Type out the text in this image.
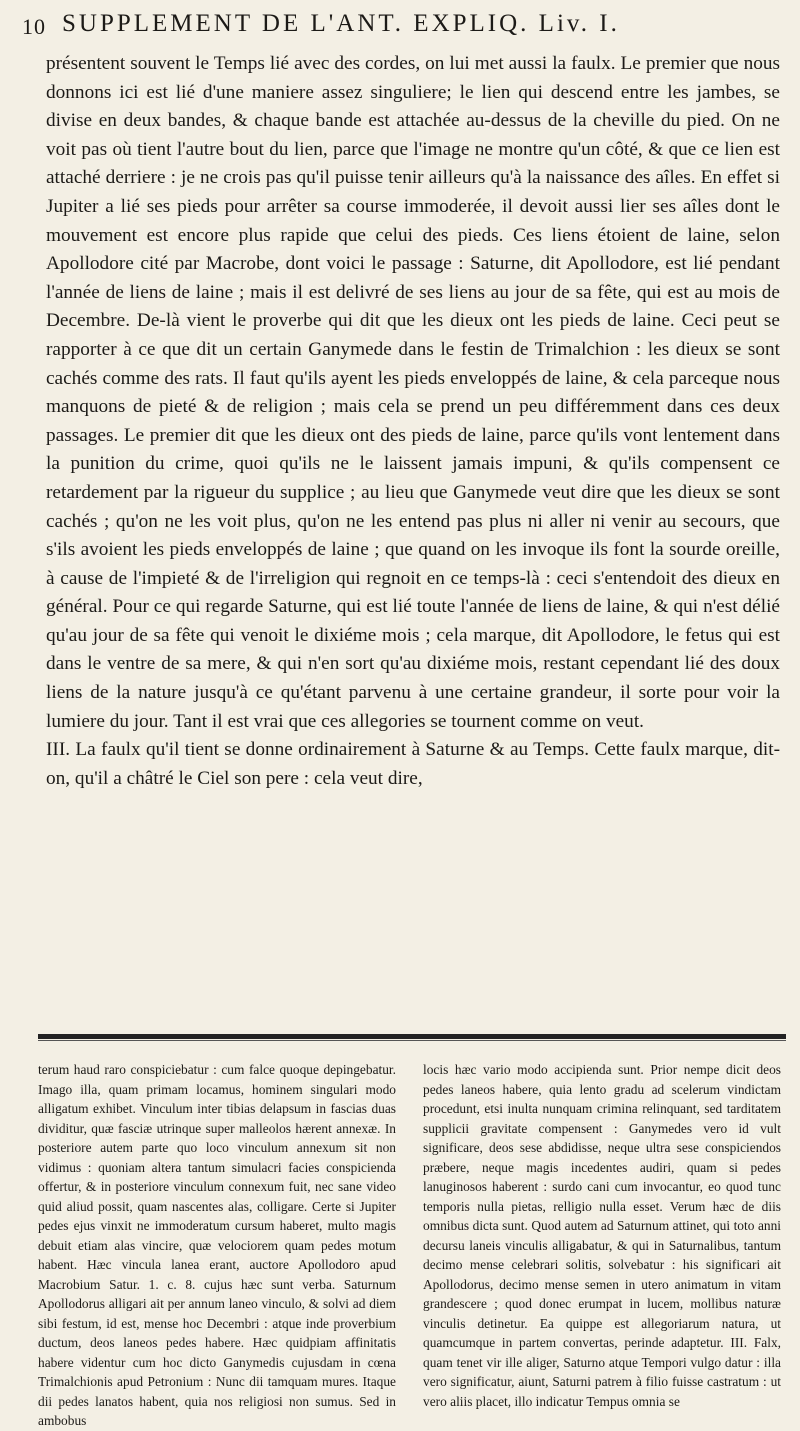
10 SUPPLEMENT DE L'ANT. EXPLIQ. Liv. I.

présentent souvent le Temps lié avec des cordes, on lui met aussi la faulx. Le premier que nous donnons ici est lié d'une maniere assez singuliere; le lien qui descend entre les jambes, se divise en deux bandes, & chaque bande est attachée au-dessus de la cheville du pied. On ne voit pas où tient l'autre bout du lien, parce que l'image ne montre qu'un côté, & que ce lien est attaché derriere : je ne crois pas qu'il puisse tenir ailleurs qu'à la naissance des aîles. En effet si Jupiter a lié ses pieds pour arrêter sa course immoderée, il devoit aussi lier ses aîles dont le mouvement est encore plus rapide que celui des pieds. Ces liens étoient de laine, selon Apollodore cité par Macrobe, dont voici le passage : Saturne, dit Apollodore, est lié pendant l'année de liens de laine ; mais il est delivré de ses liens au jour de sa fête, qui est au mois de Decembre. De-là vient le proverbe qui dit que les dieux ont les pieds de laine. Ceci peut se rapporter à ce que dit un certain Ganymede dans le festin de Trimalchion : les dieux se sont cachés comme des rats. Il faut qu'ils ayent les pieds enveloppés de laine, & cela parceque nous manquons de pieté & de religion ; mais cela se prend un peu différemment dans ces deux passages. Le premier dit que les dieux ont des pieds de laine, parce qu'ils vont lentement dans la punition du crime, quoi qu'ils ne le laissent jamais impuni, & qu'ils compensent ce retardement par la rigueur du supplice ; au lieu que Ganymede veut dire que les dieux se sont cachés ; qu'on ne les voit plus, qu'on ne les entend pas plus ni aller ni venir au secours, que s'ils avoient les pieds enveloppés de laine ; que quand on les invoque ils font la sourde oreille, à cause de l'impieté & de l'irreligion qui regnoit en ce temps-là : ceci s'entendoit des dieux en général. Pour ce qui regarde Saturne, qui est lié toute l'année de liens de laine, & qui n'est délié qu'au jour de sa fête qui venoit le dixiéme mois ; cela marque, dit Apollodore, le fetus qui est dans le ventre de sa mere, & qui n'en sort qu'au dixiéme mois, restant cependant lié des doux liens de la nature jusqu'à ce qu'étant parvenu à une certaine grandeur, il sorte pour voir la lumiere du jour. Tant il est vrai que ces allegories se tournent comme on veut.

III. La faulx qu'il tient se donne ordinairement à Saturne & au Temps. Cette faulx marque, dit-on, qu'il a châtré le Ciel son pere : cela veut dire,

terum haud raro conspiciebatur : cum falce quoque depingebatur. Imago illa, quam primam locamus, hominem singulari modo alligatum exhibet. Vinculum inter tibias delapsum in fascias duas dividitur, quæ fasciæ utrinque super malleolos hærent annexæ. In posteriore autem parte quo loco vinculum annexum sit non vidimus : quoniam altera tantum simulacri facies conspicienda offertur, & in posteriore vinculum connexum fuit, nec sane video quid aliud possit, quam nascentes alas, colligare. Certe si Jupiter pedes ejus vinxit ne immoderatum cursum haberet, multo magis debuit etiam alas vincire, quæ velociorem quam pedes motum habent. Hæc vincula lanea erant, auctore Apollodoro apud Macrobium Satur. 1. c. 8. cujus hæc sunt verba. Saturnum Apollodorus alligari ait per annum laneo vinculo, & solvi ad diem sibi festum, id est, mense hoc Decembri : atque inde proverbium ductum, deos laneos pedes habere. Hæc quidpiam affinitatis habere videntur cum hoc dicto Ganymedis cujusdam in cœna Trimalchionis apud Petronium : Nunc dii tamquam mures. Itaque dii pedes lanatos habent, quia nos religiosi non sumus. Sed in ambobus

locis hæc vario modo accipienda sunt. Prior nempe dicit deos pedes laneos habere, quia lento gradu ad scelerum vindictam procedunt, etsi inulta nunquam crimina relinquant, sed tarditatem supplicii gravitate compensent : Ganymedes vero id vult significare, deos sese abdidisse, neque ultra sese conspiciendos præbere, neque magis incedentes audiri, quam si pedes lanuginosos haberent : surdo cani cum invocantur, eo quod tunc temporis nulla pietas, relligio nulla esset. Verum hæc de diis omnibus dicta sunt. Quod autem ad Saturnum attinet, qui toto anni decursu laneis vinculis alligabatur, & qui in Saturnalibus, tantum decimo mense celebrari solitis, solvebatur : his significari ait Apollodorus, decimo mense semen in utero animatum in vitam grandescere ; quod donec erumpat in lucem, mollibus naturæ vinculis detinetur. Ea quippe est allegoriarum natura, ut quamcumque in partem convertas, perinde adaptetur. III. Falx, quam tenet vir ille aliger, Saturno atque Tempori vulgo datur : illa vero significatur, aiunt, Saturni patrem à filio fuisse castratum : ut vero aliis placet, illo indicatur Tempus omnia se
